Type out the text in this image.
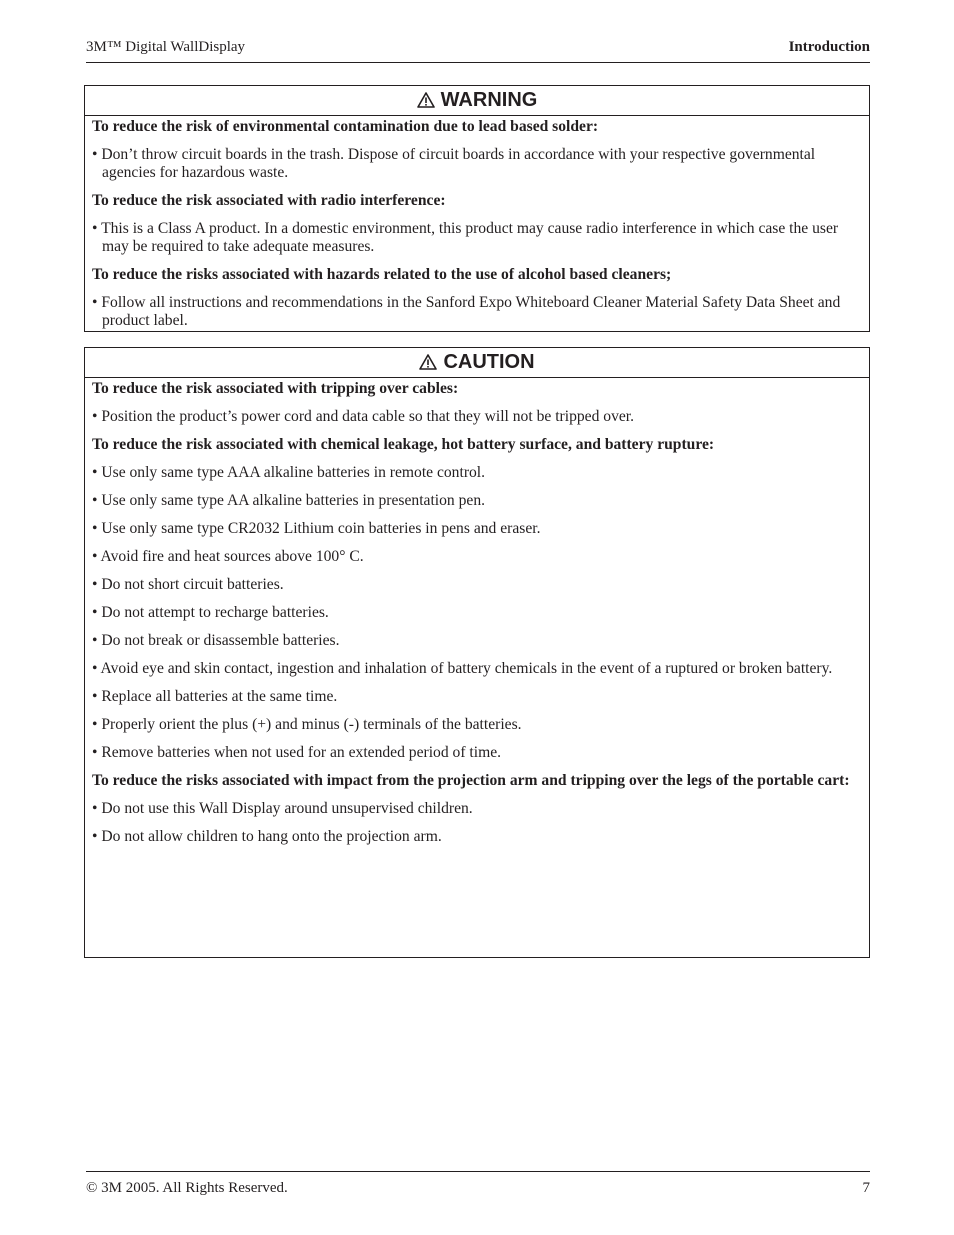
3M™ Digital WallDisplay	Introduction
WARNING

To reduce the risk of environmental contamination due to lead based solder:

• Don’t throw circuit boards in the trash. Dispose of circuit boards in accordance with your respective governmental agencies for hazardous waste.

To reduce the risk associated with radio interference:

• This is a Class A product. In a domestic environment, this product may cause radio interference in which case the user may be required to take adequate measures.

To reduce the risks associated with hazards related to the use of alcohol based cleaners;

• Follow all instructions and recommendations in the Sanford Expo Whiteboard Cleaner Material Safety Data Sheet and product label.

CAUTION

To reduce the risk associated with tripping over cables:

• Position the product’s power cord and data cable so that they will not be tripped over.

To reduce the risk associated with chemical leakage, hot battery surface, and battery rupture:

• Use only same type AAA alkaline batteries in remote control.

• Use only same type AA alkaline batteries in presentation pen.

• Use only same type CR2032 Lithium coin batteries in pens and eraser.

• Avoid fire and heat sources above 100° C.

• Do not short circuit batteries.

• Do not attempt to recharge batteries.

• Do not break or disassemble batteries.

• Avoid eye and skin contact, ingestion and inhalation of battery chemicals in the event of a ruptured or broken battery.

• Replace all batteries at the same time.

• Properly orient the plus (+) and minus (-) terminals of the batteries.

• Remove batteries when not used for an extended period of time.

To reduce the risks associated with impact from the projection arm and tripping over the legs of the portable cart:

• Do not use this Wall Display around unsupervised children.

• Do not allow children to hang onto the projection arm.

© 3M 2005. All Rights Reserved.	7
